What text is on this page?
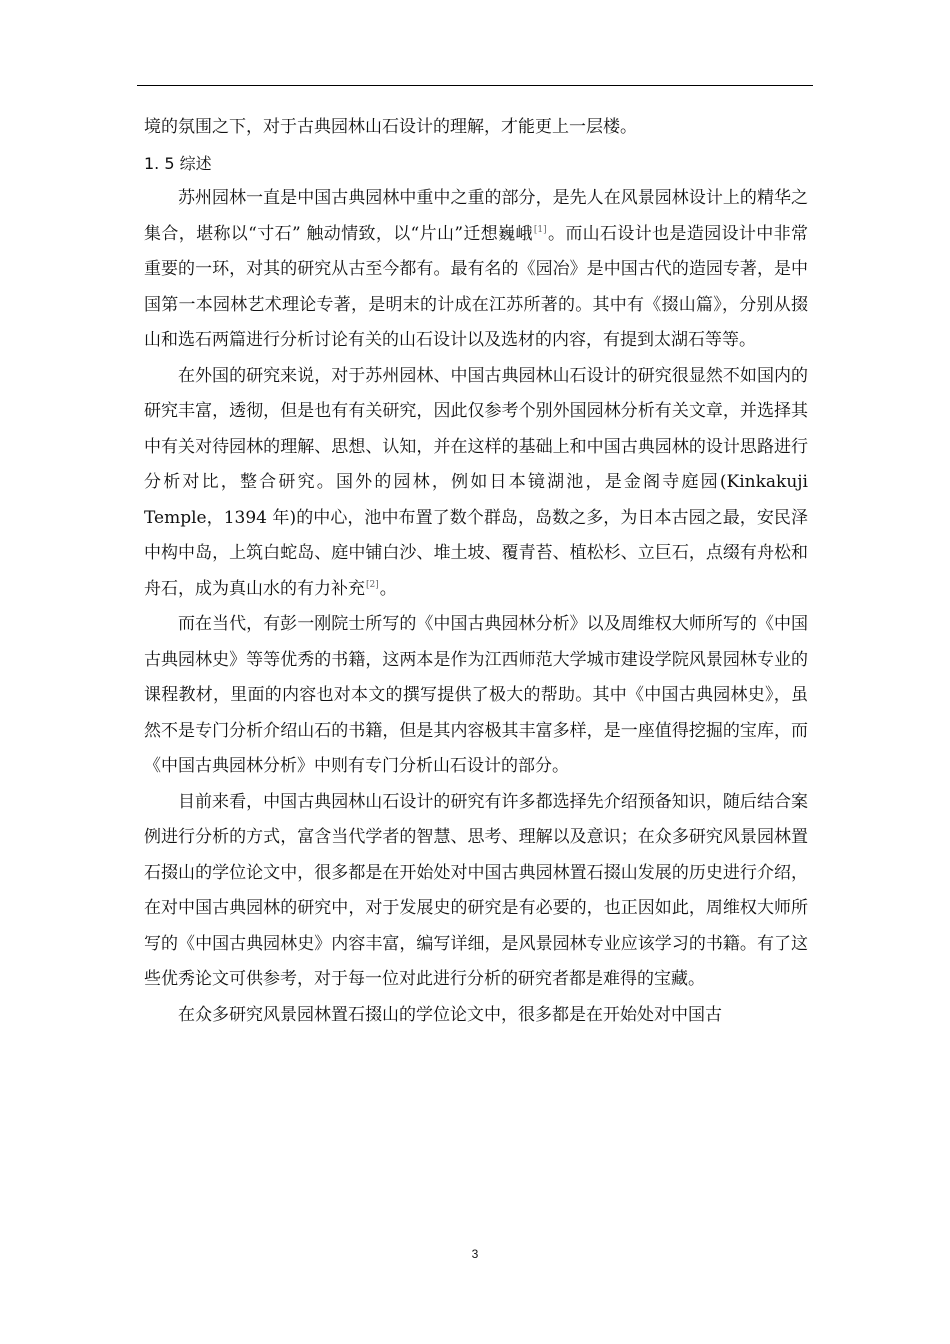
境的氛围之下，对于古典园林山石设计的理解，才能更上一层楼。

1. 5 综述

苏州园林一直是中国古典园林中重中之重的部分，是先人在风景园林设计上的精华之集合，堪称以“寸石” 触动情致，以“片山”迁想巍峨[1]。而山石设计也是造园设计中非常重要的一环，对其的研究从古至今都有。最有名的《园冶》是中国古代的造园专著，是中国第一本园林艺术理论专著，是明末的计成在江苏所著的。其中有《掇山篇》，分别从掇山和选石两篇进行分析讨论有关的山石设计以及选材的内容，有提到太湖石等等。

在外国的研究来说，对于苏州园林、中国古典园林山石设计的研究很显然不如国内的研究丰富，透彻，但是也有有关研究，因此仅参考个别外国园林分析有关文章，并选择其中有关对待园林的理解、思想、认知，并在这样的基础上和中国古典园林的设计思路进行分析对比，整合研究。国外的园林，例如日本镜湖池，是金阁寺庭园(Kinkakuji Temple，1394 年)的中心，池中布置了数个群岛，岛数之多，为日本古园之最，安民泽中构中岛，上筑白蛇岛、庭中铺白沙、堆土坡、覆青苔、植松杉、立巨石，点缀有舟松和舟石，成为真山水的有力补充[2]。

而在当代，有彭一刚院士所写的《中国古典园林分析》以及周维权大师所写的《中国古典园林史》等等优秀的书籍，这两本是作为江西师范大学城市建设学院风景园林专业的课程教材，里面的内容也对本文的撰写提供了极大的帮助。其中《中国古典园林史》，虽然不是专门分析介绍山石的书籍，但是其内容极其丰富多样，是一座值得挖掘的宝库，而《中国古典园林分析》中则有专门分析山石设计的部分。

目前来看，中国古典园林山石设计的研究有许多都选择先介绍预备知识，随后结合案例进行分析的方式，富含当代学者的智慧、思考、理解以及意识；在众多研究风景园林置石掇山的学位论文中，很多都是在开始处对中国古典园林置石掇山发展的历史进行介绍，在对中国古典园林的研究中，对于发展史的研究是有必要的，也正因如此，周维权大师所写的《中国古典园林史》内容丰富，编写详细，是风景园林专业应该学习的书籍。有了这些优秀论文可供参考，对于每一位对此进行分析的研究者都是难得的宝藏。

在众多研究风景园林置石掇山的学位论文中，很多都是在开始处对中国古

3
